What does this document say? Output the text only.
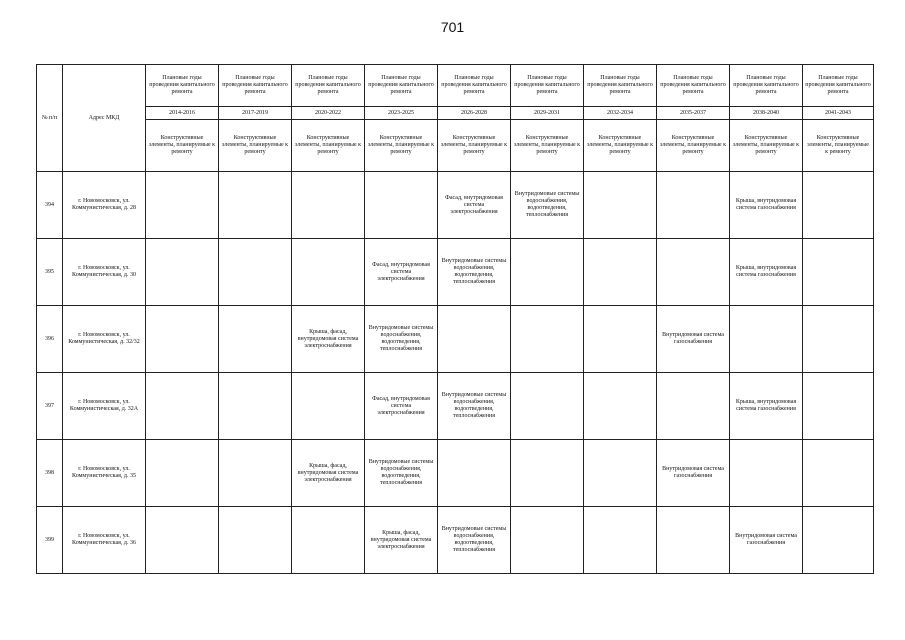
701
№ п/п	Адрес МКД	Плановые годы проведения капитального ремонта	Плановые годы проведения капитального ремонта	Плановые годы проведения капитального ремонта	Плановые годы проведения капитального ремонта	Плановые годы проведения капитального ремонта	Плановые годы проведения капитального ремонта	Плановые годы проведения капитального ремонта	Плановые годы проведения капитального ремонта	Плановые годы проведения капитального ремонта	Плановые годы проведения капитального ремонта
		2014-2016	2017-2019	2020-2022	2023-2025	2026-2028	2029-2031	2032-2034	2035-2037	2038-2040	2041-2043
		Конструктивные элементы, планируемые к ремонту	Конструктивные элементы, планируемые к ремонту	Конструктивные элементы, планируемые к ремонту	Конструктивные элементы, планируемые к ремонту	Конструктивные элементы, планируемые к ремонту	Конструктивные элементы, планируемые к ремонту	Конструктивные элементы, планируемые к ремонту	Конструктивные элементы, планируемые к ремонту	Конструктивные элементы, планируемые к ремонту	Конструктивные элементы, планируемые к ремонту
394	г. Новомосковск, ул. Коммунистическая, д. 28					Фасад, внутридомовая система электроснабжения	Внутридомовые системы водоснабжения, водоотведения, теплоснабжения			Крыша, внутридомовая система газоснабжения	
395	г. Новомосковск, ул. Коммунистическая, д. 30				Фасад, внутридомовая система электроснабжения	Внутридомовые системы водоснабжения, водоотведения, теплоснабжения				Крыша, внутридомовая система газоснабжения	
396	г. Новомосковск, ул. Коммунистическая, д. 32/32			Крыша, фасад, внутридомовая система электроснабжения	Внутридомовые системы водоснабжения, водоотведения, теплоснабжения				Внутридомовая система газоснабжения		
397	г. Новомосковск, ул. Коммунистическая, д. 32А				Фасад, внутридомовая система электроснабжения	Внутридомовые системы водоснабжения, водоотведения, теплоснабжения				Крыша, внутридомовая система газоснабжения	
398	г. Новомосковск, ул. Коммунистическая, д. 35			Крыша, фасад, внутридомовая система электроснабжения	Внутридомовые системы водоснабжения, водоотведения, теплоснабжения				Внутридомовая система газоснабжения		
399	г. Новомосковск, ул. Коммунистическая, д. 36				Крыша, фасад, внутридомовая система электроснабжения	Внутридомовые системы водоснабжения, водоотведения, теплоснабжения				Внутридомовая система газоснабжения	
